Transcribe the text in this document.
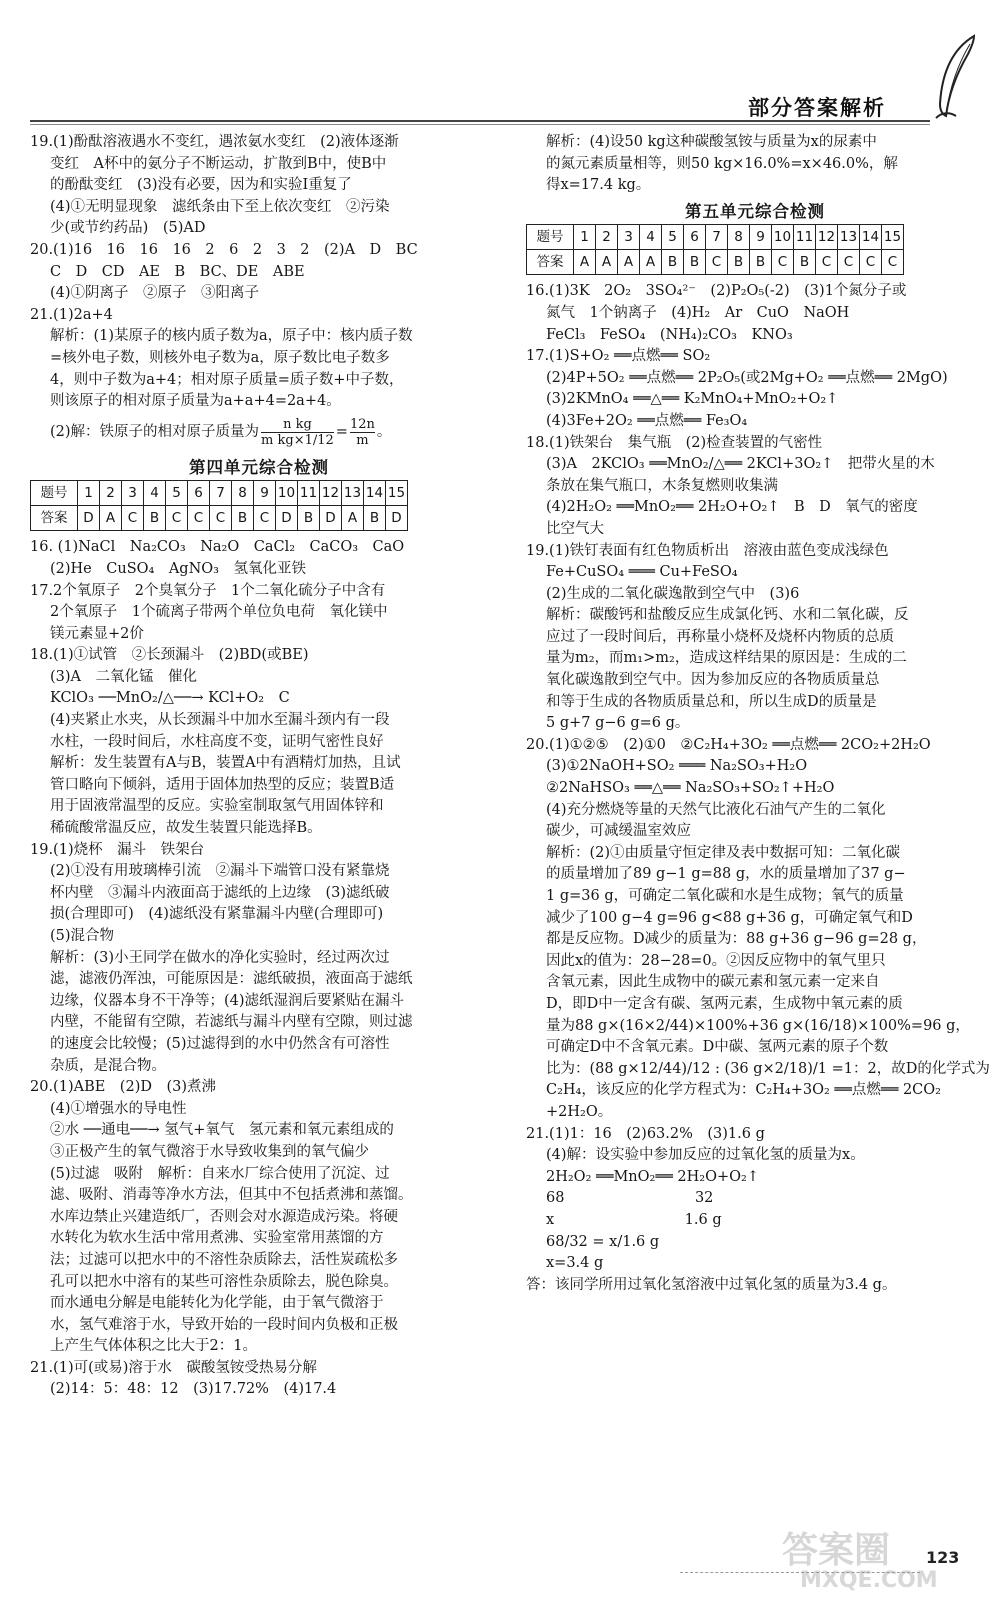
部分答案解析
19.(1)酚酞溶液遇水不变红，遇浓氨水变红　(2)液体逐渐
变红　A杯中的氨分子不断运动，扩散到B中，使B中
的酚酞变红　(3)没有必要，因为和实验Ⅰ重复了
(4)①无明显现象　滤纸条由下至上依次变红　②污染
少(或节约药品)　(5)AD
20.(1)16　16　16　16　2　6　2　3　2　(2)A　D　BC
C　D　CD　AE　B　BC、DE　ABE
(4)①阴离子　②原子　③阳离子
21.(1)2a+4
解析：(1)某原子的核内质子数为a，原子中：核内质子数
=核外电子数，则核外电子数为a，原子数比电子数多
4，则中子数为a+4；相对原子质量=质子数+中子数，
则该原子的相对原子质量为a+a+4=2a+4。
(2)解：铁原子的相对原子质量为 $\frac{\text{n kg}}{\text{m kg×1/12}} = \frac{12n}{m}$ 。
第四单元综合检测
题号	1	2	3	4	5	6	7	8	9	10	11	12	13	14	15
答案	D	A	C	B	C	C	C	B	C	D	B	D	A	B	D
16. (1)NaCl　Na₂CO₃　Na₂O　CaCl₂　CaCO₃　CaO
(2)He　CuSO₄　AgNO₃　氢氧化亚铁
17.2个氧原子　2个臭氧分子　1个二氧化硫分子中含有
2个氧原子　1个硫离子带两个单位负电荷　氧化镁中
镁元素显+2价
18.(1)①试管　②长颈漏斗　(2)BD(或BE)
(3)A　二氧化锰　催化
KClO₃ ──MnO₂/△──→ KCl+O₂　C
(4)夹紧止水夹，从长颈漏斗中加水至漏斗颈内有一段
水柱，一段时间后，水柱高度不变，证明气密性良好
解析：发生装置有A与B，装置A中有酒精灯加热，且试
管口略向下倾斜，适用于固体加热型的反应；装置B适
用于固液常温型的反应。实验室制取氢气用固体锌和
稀硫酸常温反应，故发生装置只能选择B。
19.(1)烧杯　漏斗　铁架台
(2)①没有用玻璃棒引流　②漏斗下端管口没有紧靠烧
杯内壁　③漏斗内液面高于滤纸的上边缘　(3)滤纸破
损(合理即可)　(4)滤纸没有紧靠漏斗内壁(合理即可)
(5)混合物
解析：(3)小王同学在做水的净化实验时，经过两次过
滤，滤液仍浑浊，可能原因是：滤纸破损，液面高于滤纸
边缘，仪器本身不干净等；(4)滤纸湿润后要紧贴在漏斗
内壁，不能留有空隙，若滤纸与漏斗内壁有空隙，则过滤
的速度会比较慢；(5)过滤得到的水中仍然含有可溶性
杂质，是混合物。
20.(1)ABE　(2)D　(3)煮沸
(4)①增强水的导电性
②水 ──通电──→ 氢气+氧气　氢元素和氧元素组成的
③正极产生的氧气微溶于水导致收集到的氧气偏少
(5)过滤　吸附　解析：自来水厂综合使用了沉淀、过
滤、吸附、消毒等净水方法，但其中不包括煮沸和蒸馏。
水库边禁止兴建造纸厂，否则会对水源造成污染。将硬
水转化为软水生活中常用煮沸、实验室常用蒸馏的方
法；过滤可以把水中的不溶性杂质除去，活性炭疏松多
孔可以把水中溶有的某些可溶性杂质除去，脱色除臭。
而水通电分解是电能转化为化学能，由于氧气微溶于
水，氢气难溶于水，导致开始的一段时间内负极和正极
上产生气体体积之比大于2：1。
21.(1)可(或易)溶于水　碳酸氢铵受热易分解
(2)14：5：48：12　(3)17.72%　(4)17.4
解析：(4)设50 kg这种碳酸氢铵与质量为x的尿素中
的氮元素质量相等，则50 kg×16.0%=x×46.0%，解
得x=17.4 kg。
第五单元综合检测
题号	1	2	3	4	5	6	7	8	9	10	11	12	13	14	15
答案	A	A	A	A	B	B	C	B	B	C	B	C	C	C	C
16.(1)3K　2O₂　3SO₄²⁻　(2)P₂O₅(-2)　(3)1个氮分子或
氮气　1个钠离子　(4)H₂　Ar　CuO　NaOH
FeCl₃　FeSO₄　(NH₄)₂CO₃　KNO₃
17.(1)S+O₂ ══点燃══ SO₂
(2)4P+5O₂ ══点燃══ 2P₂O₅(或2Mg+O₂ ══点燃══ 2MgO)
(3)2KMnO₄ ══△══ K₂MnO₄+MnO₂+O₂↑
(4)3Fe+2O₂ ══点燃══ Fe₃O₄
18.(1)铁架台　集气瓶　(2)检查装置的气密性
(3)A　2KClO₃ ══MnO₂/△══ 2KCl+3O₂↑　把带火星的木
条放在集气瓶口，木条复燃则收集满
(4)2H₂O₂ ══MnO₂══ 2H₂O+O₂↑　B　D　氧气的密度
比空气大
19.(1)铁钉表面有红色物质析出　溶液由蓝色变成浅绿色
Fe+CuSO₄ ═══ Cu+FeSO₄
(2)生成的二氧化碳逸散到空气中　(3)6
解析：碳酸钙和盐酸反应生成氯化钙、水和二氧化碳，反
应过了一段时间后，再称量小烧杯及烧杯内物质的总质
量为m₂，而m₁>m₂，造成这样结果的原因是：生成的二
氧化碳逸散到空气中。因为参加反应的各物质质量总
和等于生成的各物质质量总和，所以生成D的质量是
5 g+7 g−6 g=6 g。
20.(1)①②⑤　(2)①0　②C₂H₄+3O₂ ══点燃══ 2CO₂+2H₂O
(3)①2NaOH+SO₂ ═══ Na₂SO₃+H₂O
②2NaHSO₃ ══△══ Na₂SO₃+SO₂↑+H₂O
(4)充分燃烧等量的天然气比液化石油气产生的二氧化
碳少，可减缓温室效应
解析：(2)①由质量守恒定律及表中数据可知：二氧化碳
的质量增加了89 g−1 g=88 g，水的质量增加了37 g−
1 g=36 g，可确定二氧化碳和水是生成物；氧气的质量
减少了100 g−4 g=96 g<88 g+36 g，可确定氧气和D
都是反应物。D减少的质量为：88 g+36 g−96 g=28 g，
因此x的值为：28−28=0。②因反应物中的氧气里只
含氧元素，因此生成物中的碳元素和氢元素一定来自
D，即D中一定含有碳、氢两元素，生成物中氧元素的质
量为88 g×(16×2/44)×100%+36 g×(16/18)×100%=96 g，
可确定D中不含氧元素。D中碳、氢两元素的原子个数
比为：(88 g×12/44)/12 : (36 g×2/18)/1 =1：2，故D的化学式为
C₂H₄，该反应的化学方程式为：C₂H₄+3O₂ ══点燃══ 2CO₂
+2H₂O。
21.(1)1：16　(2)63.2%　(3)1.6 g
(4)解：设实验中参加反应的过氧化氢的质量为x。
2H₂O₂ ══MnO₂══ 2H₂O+O₂↑
68　　　　　　　　　32
x　　　　　　　　　1.6 g
68/32 = x/1.6 g
x=3.4 g
答：该同学所用过氧化氢溶液中过氧化氢的质量为3.4 g。
答案圈
MXQE.COM
123
